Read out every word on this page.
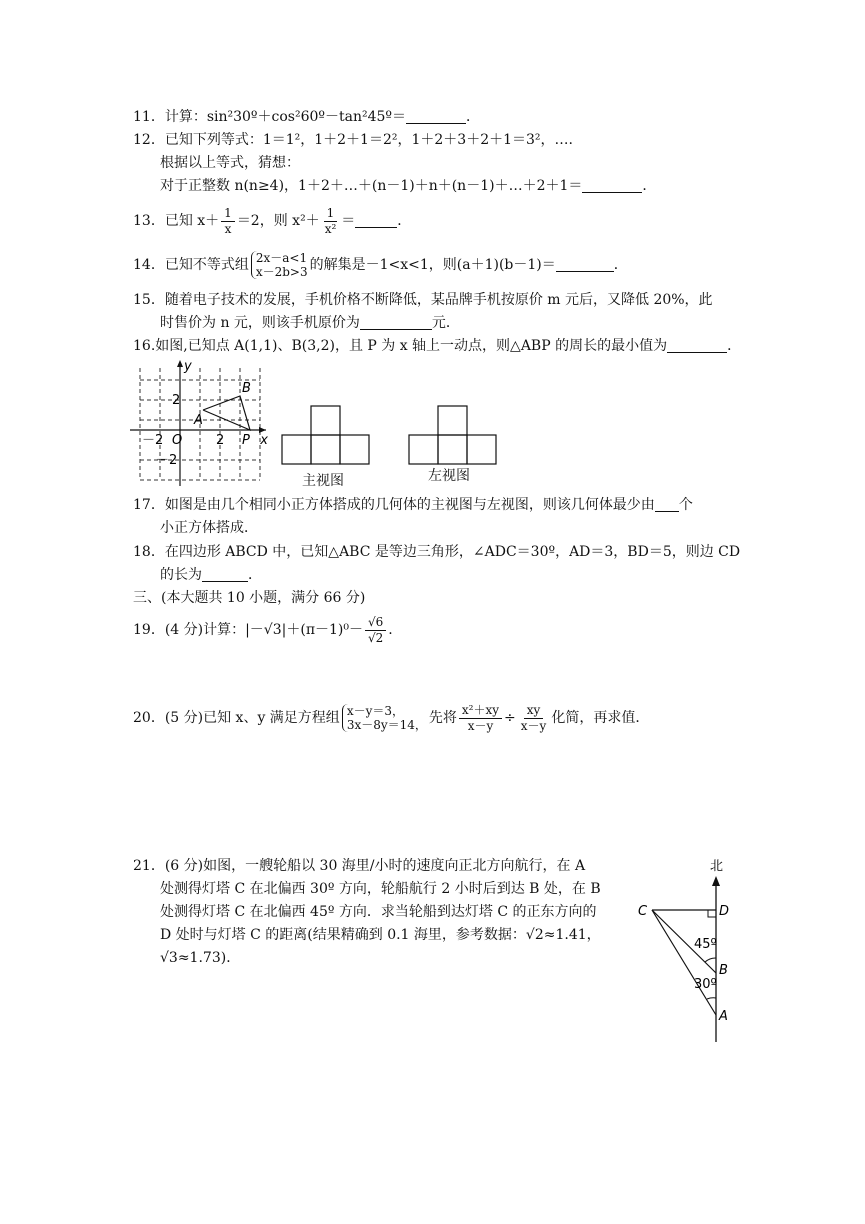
11．计算：sin²30º＋cos²60º－tan²45º＝	．
12．已知下列等式：1＝1²，1＋2＋1＝2²，1＋2＋3＋2＋1＝3²，….
根据以上等式，猜想：
对于正整数 n(n≥4)，1＋2＋…＋(n－1)＋n＋(n－1)＋…＋2＋1＝	．
13．已知 $x+ \frac{1}{x} =2$，则 $x^2+ \frac{1}{\text{x²}}$ ＝	．
14．已知不等式组 2x－a<1
x－2b>3 的解集是－1<x<1，则(a＋1)(b－1)＝	．
15．随着电子技术的发展，手机价格不断降低，某品牌手机按原价 m 元后，又降低 20%，此
时售价为 n 元，则该手机原价为	元．
16.如图,已知点 A(1,1)、B(3,2)，且 P 为 x 轴上一动点，则△ABP 的周长的最小值为	．
y
x
B
A
O	P
2
2
－2
－2
主视图	左视图
17．如图是由几个相同小正方体搭成的几何体的主视图与左视图，则该几何体最少由 个
小正方体搭成．
18．在四边形 ABCD 中，已知△ABC 是等边三角形，∠ADC＝30º，AD＝3，BD＝5，则边 CD
的长为	．
三、(本大题共 10 小题，满分 66 分)
19．(4 分)计算：$|-√3|+(\pi-1)^0- \frac{√6}{√2}$ .
20．(5 分)已知 x、y 满足方程组 x－y＝3，
3x－8y＝14， 先将 $\frac{\text{x²＋xy}}{x-y} \div \frac{xy}{x-y}$ 化简，再求值．
21．(6 分)如图，一艘轮船以 30 海里/小时的速度向正北方向航行，在 A
处测得灯塔 C 在北偏西 30º 方向，轮船航行 2 小时后到达 B 处，在 B
处测得灯塔 C 在北偏西 45º 方向．求当轮船到达灯塔 C 的正东方向的
D 处时与灯塔 C 的距离(结果精确到 0.1 海里，参考数据：√2≈1.41，
√3≈1.73)．
北
C	D
B
A
45º
30º
